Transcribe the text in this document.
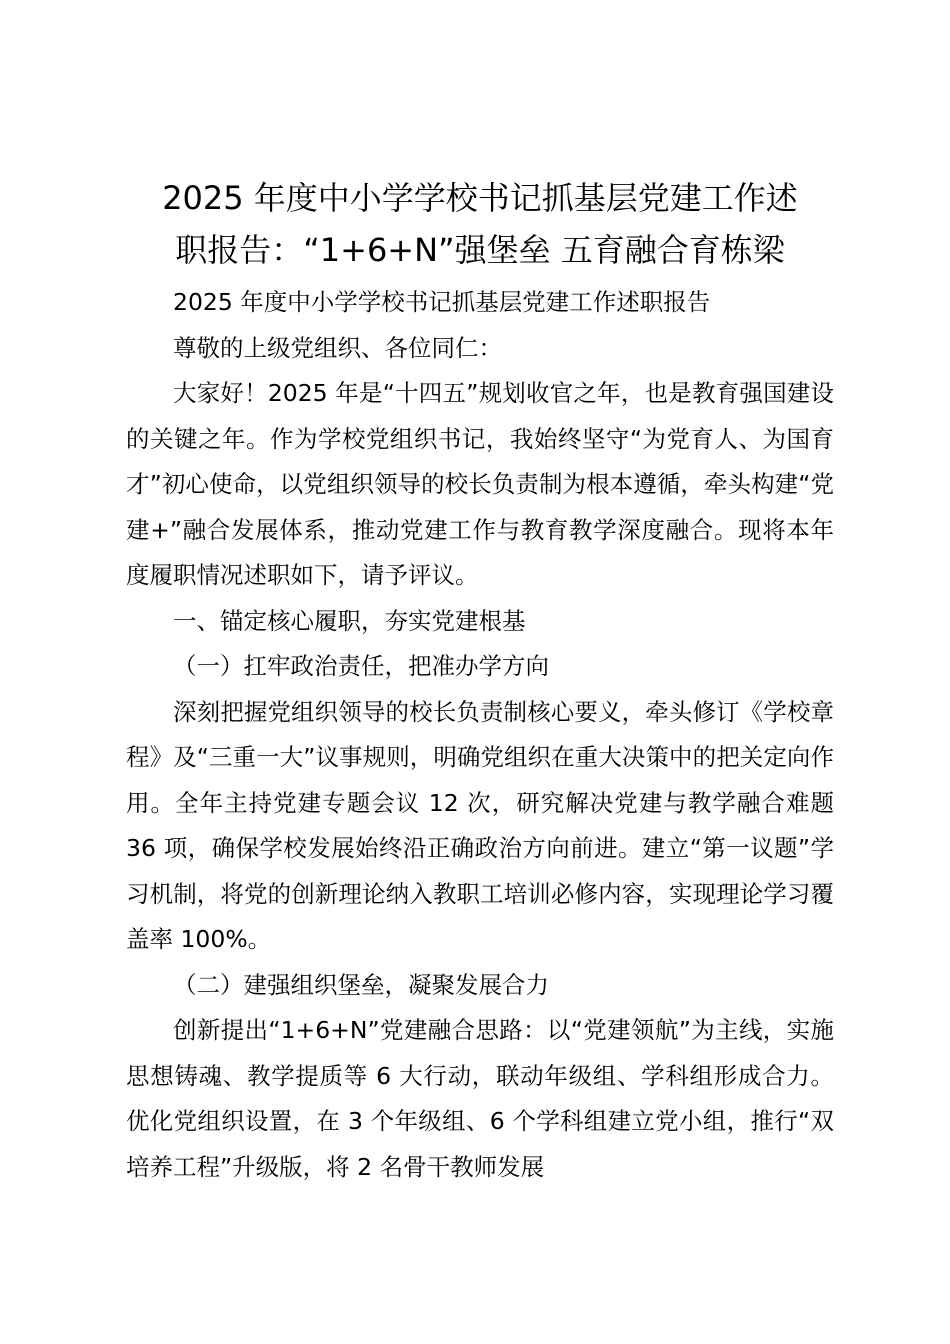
2025 年度中小学学校书记抓基层党建工作述
职报告：“1+6+N”强堡垒 五育融合育栋梁

2025 年度中小学学校书记抓基层党建工作述职报告

尊敬的上级党组织、各位同仁：

大家好！2025 年是“十四五”规划收官之年，也是教育强国建设的关键之年。作为学校党组织书记，我始终坚守“为党育人、为国育才”初心使命，以党组织领导的校长负责制为根本遵循，牵头构建“党建+”融合发展体系，推动党建工作与教育教学深度融合。现将本年度履职情况述职如下，请予评议。

一、锚定核心履职，夯实党建根基

（一）扛牢政治责任，把准办学方向

深刻把握党组织领导的校长负责制核心要义，牵头修订《学校章程》及“三重一大”议事规则，明确党组织在重大决策中的把关定向作用。全年主持党建专题会议 12 次，研究解决党建与教学融合难题 36 项，确保学校发展始终沿正确政治方向前进。建立“第一议题”学习机制，将党的创新理论纳入教职工培训必修内容，实现理论学习覆盖率 100%。

（二）建强组织堡垒，凝聚发展合力

创新提出“1+6+N”党建融合思路：以“党建领航”为主线，实施思想铸魂、教学提质等 6 大行动，联动年级组、学科组形成合力。优化党组织设置，在 3 个年级组、6 个学科组建立党小组，推行“双培养工程”升级版，将 2 名骨干教师发展
